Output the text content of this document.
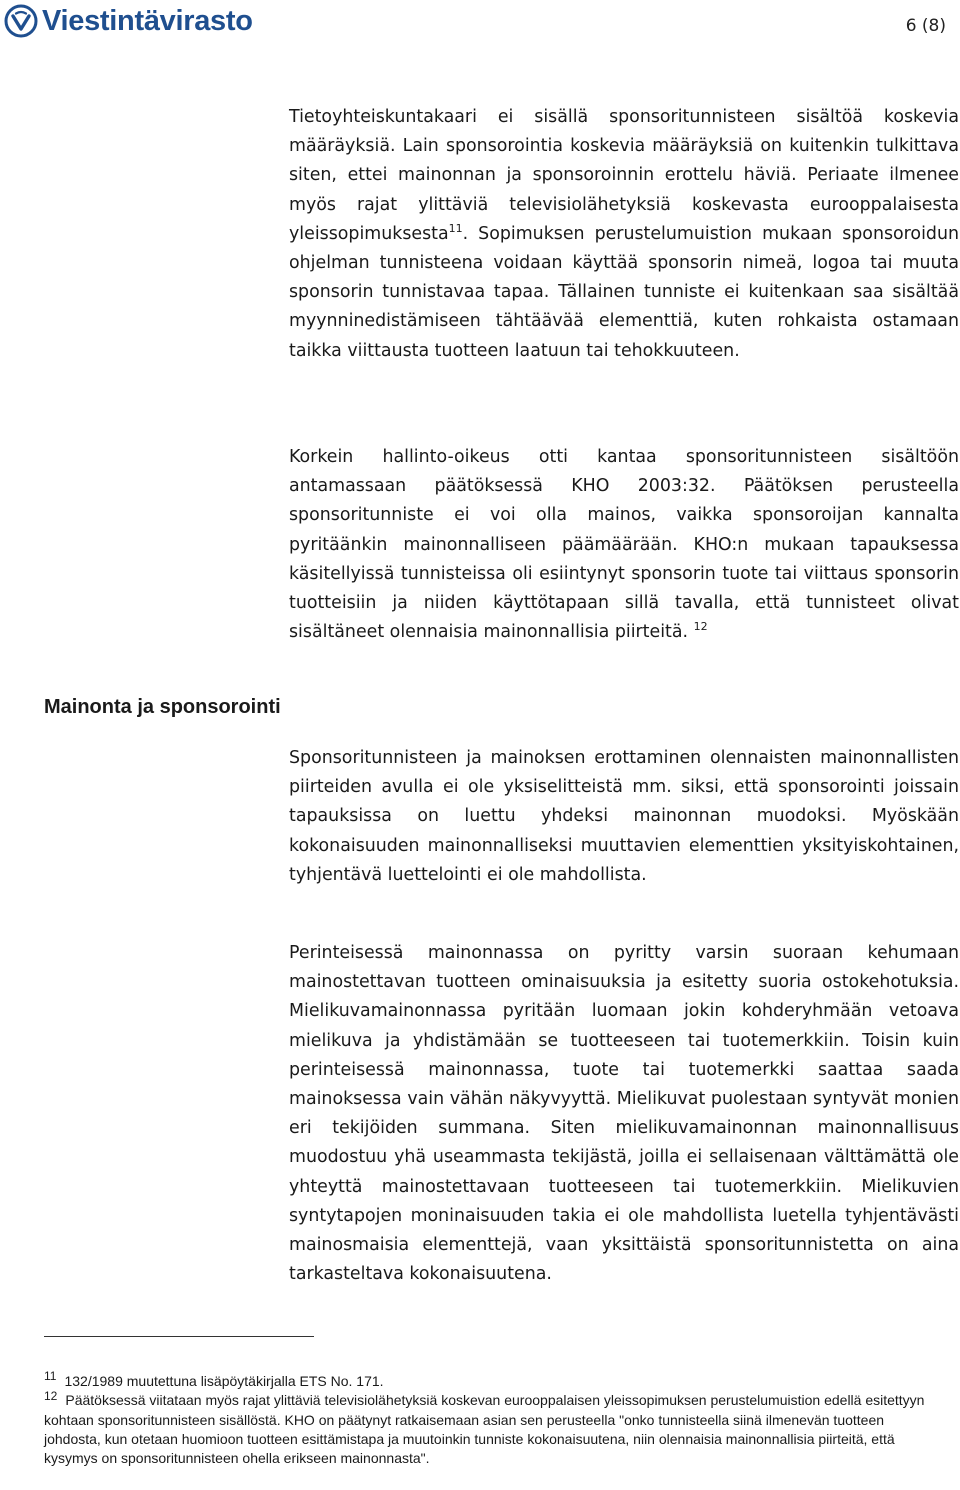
Viestintävirasto	6 (8)

Tietoyhteiskuntakaari ei sisällä sponsoritunnisteen sisältöä koskevia määräyksiä. Lain sponsorointia koskevia määräyksiä on kuitenkin tulkittava siten, ettei mainonnan ja sponsoroinnin erottelu häviä. Periaate ilmenee myös rajat ylittäviä televisiolähetyksiä koskevasta eurooppalaisesta yleissopimuksesta$^{11}$. Sopimuksen perustelumuistion mukaan sponsoroidun ohjelman tunnisteena voidaan käyttää sponsorin nimeä, logoa tai muuta sponsorin tunnistavaa tapaa. Tällainen tunniste ei kuitenkaan saa sisältää myynninedistämiseen tähtäävää elementtiä, kuten rohkaista ostamaan taikka viittausta tuotteen laatuun tai tehokkuuteen.

Korkein hallinto-oikeus otti kantaa sponsoritunnisteen sisältöön antamassaan päätöksessä KHO 2003:32. Päätöksen perusteella sponsoritunniste ei voi olla mainos, vaikka sponsoroijan kannalta pyritäänkin mainonnalliseen päämäärään. KHO:n mukaan tapauksessa käsitellyissä tunnisteissa oli esiintynyt sponsorin tuote tai viittaus sponsorin tuotteisiin ja niiden käyttötapaan sillä tavalla, että tunnisteet olivat sisältäneet olennaisia mainonnallisia piirteitä. $^{12}$

Mainonta ja sponsorointi

Sponsoritunnisteen ja mainoksen erottaminen olennaisten mainonnallisten piirteiden avulla ei ole yksiselitteistä mm. siksi, että sponsorointi joissain tapauksissa on luettu yhdeksi mainonnan muodoksi. Myöskään kokonaisuuden mainonnalliseksi muuttavien elementtien yksityiskohtainen, tyhjentävä luettelointi ei ole mahdollista.

Perinteisessä mainonnassa on pyritty varsin suoraan kehumaan mainostettavan tuotteen ominaisuuksia ja esitetty suoria ostokehotuksia. Mielikuvamainonnassa pyritään luomaan jokin kohderyhmään vetoava mielikuva ja yhdistämään se tuotteeseen tai tuotemerkkiin. Toisin kuin perinteisessä mainonnassa, tuote tai tuotemerkki saattaa saada mainoksessa vain vähän näkyvyyttä. Mielikuvat puolestaan syntyvät monien eri tekijöiden summana. Siten mielikuvamainonnan mainonnallisuus muodostuu yhä useammasta tekijästä, joilla ei sellaisenaan välttämättä ole yhteyttä mainostettavaan tuotteeseen tai tuotemerkkiin. Mielikuvien syntytapojen moninaisuuden takia ei ole mahdollista luetella tyhjentävästi mainosmaisia elementtejä, vaan yksittäistä sponsoritunnistetta on aina tarkasteltava kokonaisuutena.

11 132/1989 muutettuna lisäpöytäkirjalla ETS No. 171.

12 Päätöksessä viitataan myös rajat ylittäviä televisiolähetyksiä koskevan eurooppalaisen yleissopimuksen perustelumuistion edellä esitettyyn kohtaan sponsoritunnisteen sisällöstä. KHO on päätynyt ratkaisemaan asian sen perusteella "onko tunnisteella siinä ilmenevän tuotteen johdosta, kun otetaan huomioon tuotteen esittämistapa ja muutoinkin tunniste kokonaisuutena, niin olennaisia mainonnallisia piirteitä, että kysymys on sponsoritunnisteen ohella erikseen mainonnasta".
